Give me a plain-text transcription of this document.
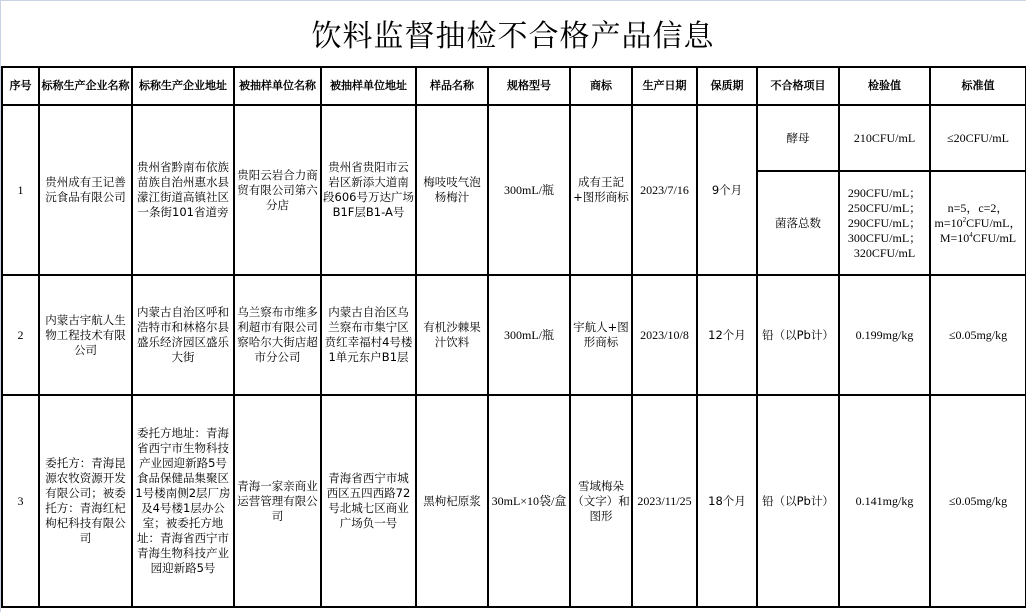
饮料监督抽检不合格产品信息
序号	标称生产企业名称	标称生产企业地址	被抽样单位名称	被抽样单位地址	样品名称	规格型号	商标	生产日期	保质期	不合格项目	检验值	标准值
1	贵州成有王记善沅食品有限公司	贵州省黔南布依族苗族自治州惠水县濛江街道高镇社区一条街101省道旁	贵阳云岩合力商贸有限公司第六分店	贵州省贵阳市云岩区新添大道南段606号万达广场B1F层B1-A号	梅吱吱气泡杨梅汁	300mL/瓶	成有王記+图形商标	2023/7/16	9个月	酵母	210CFU/mL	≤20CFU/mL
										菌落总数	290CFU/mL；
250CFU/mL；
290CFU/mL；
300CFU/mL；
320CFU/mL	n=5，c=2，
$m=10^2CFU/mL$，
$M=10^4CFU/mL$

2	内蒙古宇航人生物工程技术有限公司	内蒙古自治区呼和浩特市和林格尔县盛乐经济园区盛乐大街	乌兰察布市维多利超市有限公司察哈尔大街店超市分公司	内蒙古自治区乌兰察布市集宁区贲红幸福村4号楼1单元东户B1层	有机沙棘果汁饮料	300mL/瓶	宇航人+图形商标	2023/10/8	12个月	铅（以Pb计）	0.199mg/kg	≤0.05mg/kg
3	委托方：青海昆源农牧资源开发有限公司；被委托方：青海红杞枸杞科技有限公司	委托方地址：青海省西宁市生物科技产业园迎新路5号食品保健品集聚区1号楼南侧2层厂房及4号楼1层办公室；被委托方地址：青海省西宁市青海生物科技产业园迎新路5号	青海一家亲商业运营管理有限公司	青海省西宁市城西区五四西路72号北城七区商业广场负一号	黑枸杞原浆	30mL×10袋/盒	雪域梅朵（文字）和图形	2023/11/25	18个月	铅（以Pb计）	0.141mg/kg	≤0.05mg/kg
